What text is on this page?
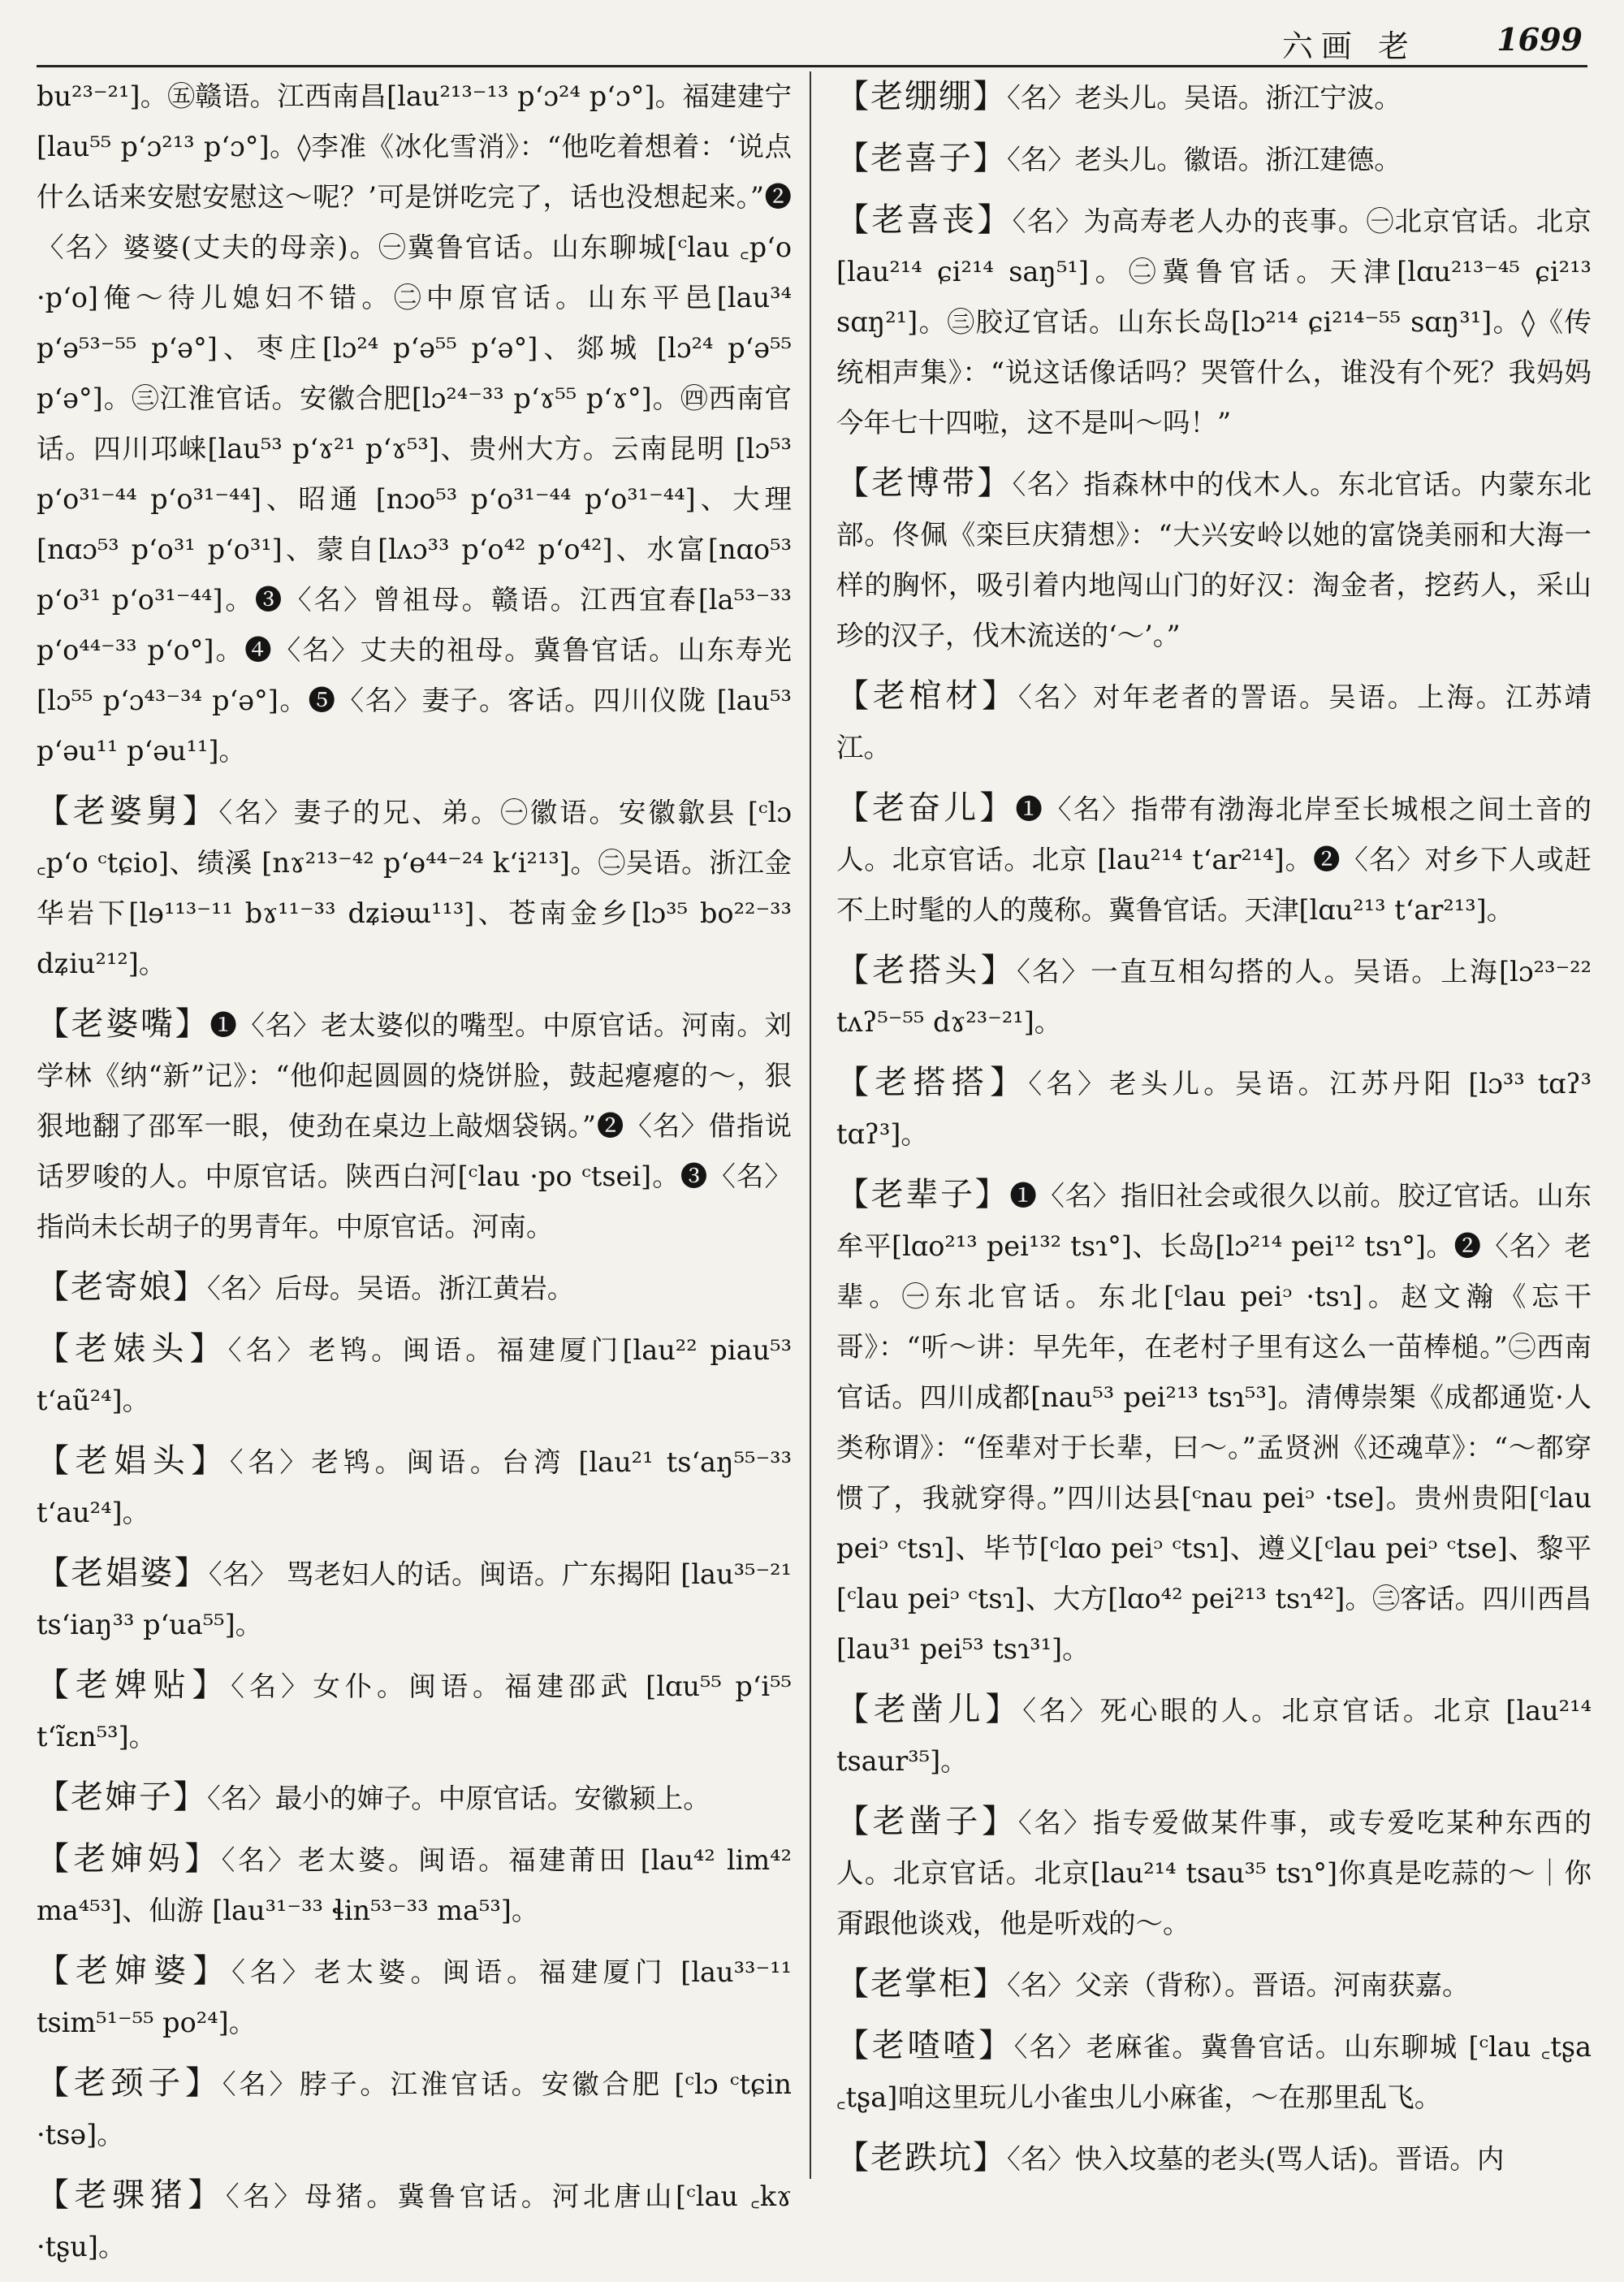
六画 老	1699

bu²³⁻²¹]。㊄赣语。江西南昌[lau²¹³⁻¹³ pʻɔ²⁴ pʻɔ°]。福建建宁 [lau⁵⁵ pʻɔ²¹³ pʻɔ°]。◊李准《冰化雪消》：“他吃着想着：‘说点什么话来安慰安慰这～呢？’可是饼吃完了，话也没想起来。”❷〈名〉婆婆(丈夫的母亲)。㊀冀鲁官话。山东聊城[ᶜlau ꜀pʻo ·pʻo]俺～待儿媳妇不错。㊁中原官话。山东平邑[lau³⁴ pʻə⁵³⁻⁵⁵ pʻə°]、枣庄[lɔ²⁴ pʻə⁵⁵ pʻə°]、郯城 [lɔ²⁴ pʻə⁵⁵ pʻə°]。㊂江淮官话。安徽合肥[lɔ²⁴⁻³³ pʻɤ⁵⁵ pʻɤ°]。㊃西南官话。四川邛崃[lau⁵³ pʻɤ²¹ pʻɤ⁵³]、贵州大方。云南昆明 [lɔ⁵³ pʻo³¹⁻⁴⁴ pʻo³¹⁻⁴⁴]、昭通 [nɔo⁵³ pʻo³¹⁻⁴⁴ pʻo³¹⁻⁴⁴]、大理[nɑɔ⁵³ pʻo³¹ pʻo³¹]、蒙自[lʌɔ³³ pʻo⁴² pʻo⁴²]、水富[nɑo⁵³ pʻo³¹ pʻo³¹⁻⁴⁴]。❸〈名〉曾祖母。赣语。江西宜春[la⁵³⁻³³ pʻo⁴⁴⁻³³ pʻo°]。❹〈名〉丈夫的祖母。冀鲁官话。山东寿光[lɔ⁵⁵ pʻɔ⁴³⁻³⁴ pʻə°]。❺〈名〉妻子。客话。四川仪陇 [lau⁵³ pʻəu¹¹ pʻəu¹¹]。

【老婆舅】〈名〉妻子的兄、弟。㊀徽语。安徽歙县 [ᶜlɔ ꜀pʻo ᶜtɕio]、绩溪 [nɤ²¹³⁻⁴² pʻɵ⁴⁴⁻²⁴ kʻi²¹³]。㊁吴语。浙江金华岩下[lɘ¹¹³⁻¹¹ bɤ¹¹⁻³³ dʑiəɯ¹¹³]、苍南金乡[lɔ³⁵ bo²²⁻³³ dʑiu²¹²]。

【老婆嘴】❶〈名〉老太婆似的嘴型。中原官话。河南。刘学林《纳“新”记》：“他仰起圆圆的烧饼脸，鼓起瘪瘪的～，狠狠地翻了邵军一眼，使劲在桌边上敲烟袋锅。”❷〈名〉借指说话罗唆的人。中原官话。陕西白河[ᶜlau ·po ᶜtsei]。❸〈名〉指尚未长胡子的男青年。中原官话。河南。

【老寄娘】〈名〉后母。吴语。浙江黄岩。

【老婊头】〈名〉老鸨。闽语。福建厦门[lau²² piau⁵³ tʻaũ²⁴]。

【老娼头】〈名〉老鸨。闽语。台湾 [lau²¹ tsʻaŋ⁵⁵⁻³³ tʻau²⁴]。

【老娼婆】〈名〉 骂老妇人的话。闽语。广东揭阳 [lau³⁵⁻²¹ tsʻiaŋ³³ pʻua⁵⁵]。

【老婢贴】〈名〉女仆。闽语。福建邵武 [lɑu⁵⁵ pʻi⁵⁵ tʻĩɛn⁵³]。

【老婶子】〈名〉最小的婶子。中原官话。安徽颍上。

【老婶妈】〈名〉老太婆。闽语。福建莆田 [lau⁴² lim⁴² ma⁴⁵³]、仙游 [lau³¹⁻³³ ɬin⁵³⁻³³ ma⁵³]。

【老婶婆】〈名〉老太婆。闽语。福建厦门 [lau³³⁻¹¹ tsim⁵¹⁻⁵⁵ po²⁴]。

【老颈子】〈名〉脖子。江淮官话。安徽合肥 [ᶜlɔ ᶜtɕin ·tsə]。

【老骒猪】〈名〉母猪。冀鲁官话。河北唐山[ᶜlau ꜀kɤ ·tʂu]。

【老绷绷】〈名〉老头儿。吴语。浙江宁波。

【老喜子】〈名〉老头儿。徽语。浙江建德。

【老喜丧】〈名〉为高寿老人办的丧事。㊀北京官话。北京 [lau²¹⁴ ɕi²¹⁴ saŋ⁵¹]。㊁冀鲁官话。天津[lɑu²¹³⁻⁴⁵ ɕi²¹³ sɑŋ²¹]。㊂胶辽官话。山东长岛[lɔ²¹⁴ ɕi²¹⁴⁻⁵⁵ sɑŋ³¹]。◊《传统相声集》：“说这话像话吗？哭管什么，谁没有个死？我妈妈今年七十四啦，这不是叫～吗！”

【老博带】〈名〉指森林中的伐木人。东北官话。内蒙东北部。佟佩《栾巨庆猜想》：“大兴安岭以她的富饶美丽和大海一样的胸怀，吸引着内地闯山门的好汉：淘金者，挖药人，采山珍的汉子，伐木流送的‘～’。”

【老棺材】〈名〉对年老者的詈语。吴语。上海。江苏靖江。

【老奋儿】❶〈名〉指带有渤海北岸至长城根之间土音的人。北京官话。北京 [lau²¹⁴ tʻar²¹⁴]。❷〈名〉对乡下人或赶不上时髦的人的蔑称。冀鲁官话。天津[lɑu²¹³ tʻar²¹³]。

【老搭头】〈名〉一直互相勾搭的人。吴语。上海[lɔ²³⁻²² tʌʔ⁵⁻⁵⁵ dɤ²³⁻²¹]。

【老搭搭】〈名〉老头儿。吴语。江苏丹阳 [lɔ³³ tɑʔ³ tɑʔ³]。

【老辈子】❶〈名〉指旧社会或很久以前。胶辽官话。山东牟平[lɑo²¹³ pei¹³² tsɿ°]、长岛[lɔ²¹⁴ pei¹² tsɿ°]。❷〈名〉老辈。㊀东北官话。东北[ᶜlau peiᵓ ·tsɿ]。赵文瀚《忘干哥》：“听～讲：早先年，在老村子里有这么一苗棒槌。”㊁西南官话。四川成都[nau⁵³ pei²¹³ tsɿ⁵³]。清傅崇榘《成都通览·人类称谓》：“侄辈对于长辈，曰～。”孟贤洲《还魂草》：“～都穿惯了，我就穿得。”四川达县[ᶜnau peiᵓ ·tse]。贵州贵阳[ᶜlau peiᵓ ᶜtsɿ]、毕节[ᶜlɑo peiᵓ ᶜtsɿ]、遵义[ᶜlau peiᵓ ᶜtse]、黎平[ᶜlau peiᵓ ᶜtsɿ]、大方[lɑo⁴² pei²¹³ tsɿ⁴²]。㊂客话。四川西昌[lau³¹ pei⁵³ tsɿ³¹]。

【老凿儿】〈名〉死心眼的人。北京官话。北京 [lau²¹⁴ tsaur³⁵]。

【老凿子】〈名〉指专爱做某件事，或专爱吃某种东西的人。北京官话。北京[lau²¹⁴ tsau³⁵ tsɿ°]你真是吃蒜的～｜你甭跟他谈戏，他是听戏的～。

【老掌柜】〈名〉父亲（背称）。晋语。河南获嘉。

【老喳喳】〈名〉老麻雀。冀鲁官话。山东聊城 [ᶜlau ꜀tʂa ꜀tʂa]咱这里玩儿小雀虫儿小麻雀，～在那里乱飞。

【老跌坑】〈名〉快入坟墓的老头(骂人话)。晋语。内
